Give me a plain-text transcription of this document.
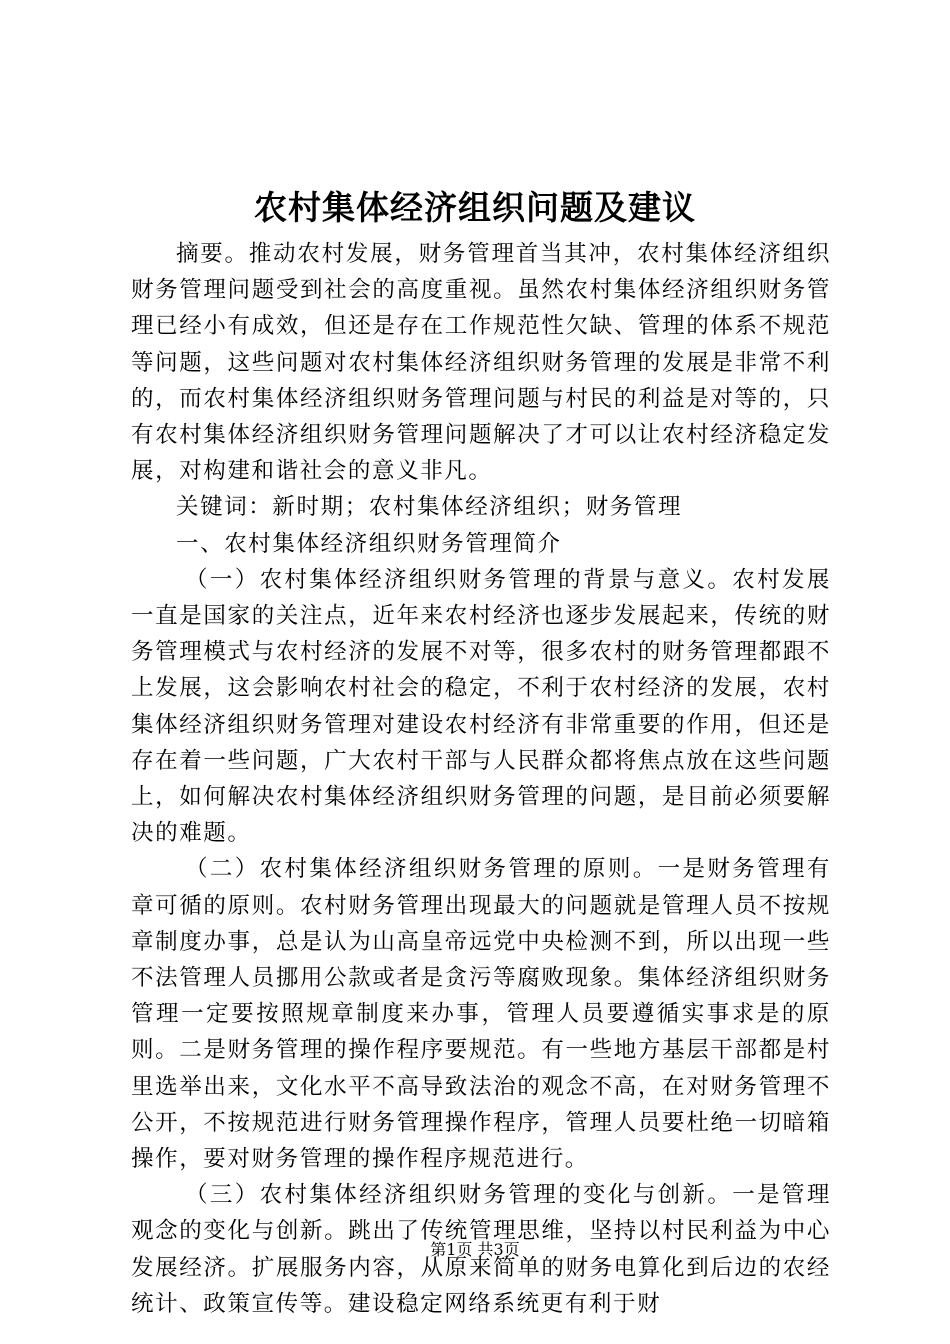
农村集体经济组织问题及建议

摘要。推动农村发展，财务管理首当其冲，农村集体经济组织财务管理问题受到社会的高度重视。虽然农村集体经济组织财务管理已经小有成效，但还是存在工作规范性欠缺、管理的体系不规范等问题，这些问题对农村集体经济组织财务管理的发展是非常不利的，而农村集体经济组织财务管理问题与村民的利益是对等的，只有农村集体经济组织财务管理问题解决了才可以让农村经济稳定发展，对构建和谐社会的意义非凡。

关键词：新时期；农村集体经济组织；财务管理

一、农村集体经济组织财务管理简介

（一）农村集体经济组织财务管理的背景与意义。农村发展一直是国家的关注点，近年来农村经济也逐步发展起来，传统的财务管理模式与农村经济的发展不对等，很多农村的财务管理都跟不上发展，这会影响农村社会的稳定，不利于农村经济的发展，农村集体经济组织财务管理对建设农村经济有非常重要的作用，但还是存在着一些问题，广大农村干部与人民群众都将焦点放在这些问题上，如何解决农村集体经济组织财务管理的问题，是目前必须要解决的难题。

（二）农村集体经济组织财务管理的原则。一是财务管理有章可循的原则。农村财务管理出现最大的问题就是管理人员不按规章制度办事，总是认为山高皇帝远党中央检测不到，所以出现一些不法管理人员挪用公款或者是贪污等腐败现象。集体经济组织财务管理一定要按照规章制度来办事，管理人员要遵循实事求是的原则。二是财务管理的操作程序要规范。有一些地方基层干部都是村里选举出来，文化水平不高导致法治的观念不高，在对财务管理不公开，不按规范进行财务管理操作程序，管理人员要杜绝一切暗箱操作，要对财务管理的操作程序规范进行。

（三）农村集体经济组织财务管理的变化与创新。一是管理观念的变化与创新。跳出了传统管理思维，坚持以村民利益为中心发展经济。扩展服务内容，从原来简单的财务电算化到后边的农经统计、政策宣传等。建设稳定网络系统更有利于财

第1页 共3页
